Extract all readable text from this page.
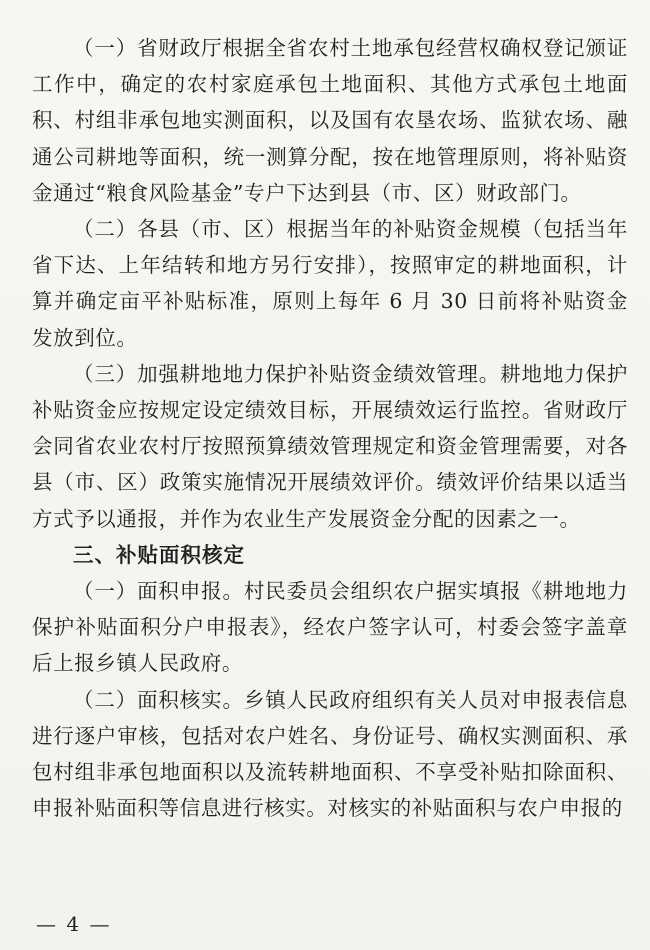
（一）省财政厅根据全省农村土地承包经营权确权登记颁证工作中，确定的农村家庭承包土地面积、其他方式承包土地面积、村组非承包地实测面积，以及国有农垦农场、监狱农场、融通公司耕地等面积，统一测算分配，按在地管理原则，将补贴资金通过“粮食风险基金”专户下达到县（市、区）财政部门。

（二）各县（市、区）根据当年的补贴资金规模（包括当年省下达、上年结转和地方另行安排），按照审定的耕地面积，计算并确定亩平补贴标准，原则上每年 6 月 30 日前将补贴资金发放到位。

（三）加强耕地地力保护补贴资金绩效管理。耕地地力保护补贴资金应按规定设定绩效目标，开展绩效运行监控。省财政厅会同省农业农村厅按照预算绩效管理规定和资金管理需要，对各县（市、区）政策实施情况开展绩效评价。绩效评价结果以适当方式予以通报，并作为农业生产发展资金分配的因素之一。

三、补贴面积核定

（一）面积申报。村民委员会组织农户据实填报《耕地地力保护补贴面积分户申报表》，经农户签字认可，村委会签字盖章后上报乡镇人民政府。

（二）面积核实。乡镇人民政府组织有关人员对申报表信息进行逐户审核，包括对农户姓名、身份证号、确权实测面积、承包村组非承包地面积以及流转耕地面积、不享受补贴扣除面积、申报补贴面积等信息进行核实。对核实的补贴面积与农户申报的

— 4 —
